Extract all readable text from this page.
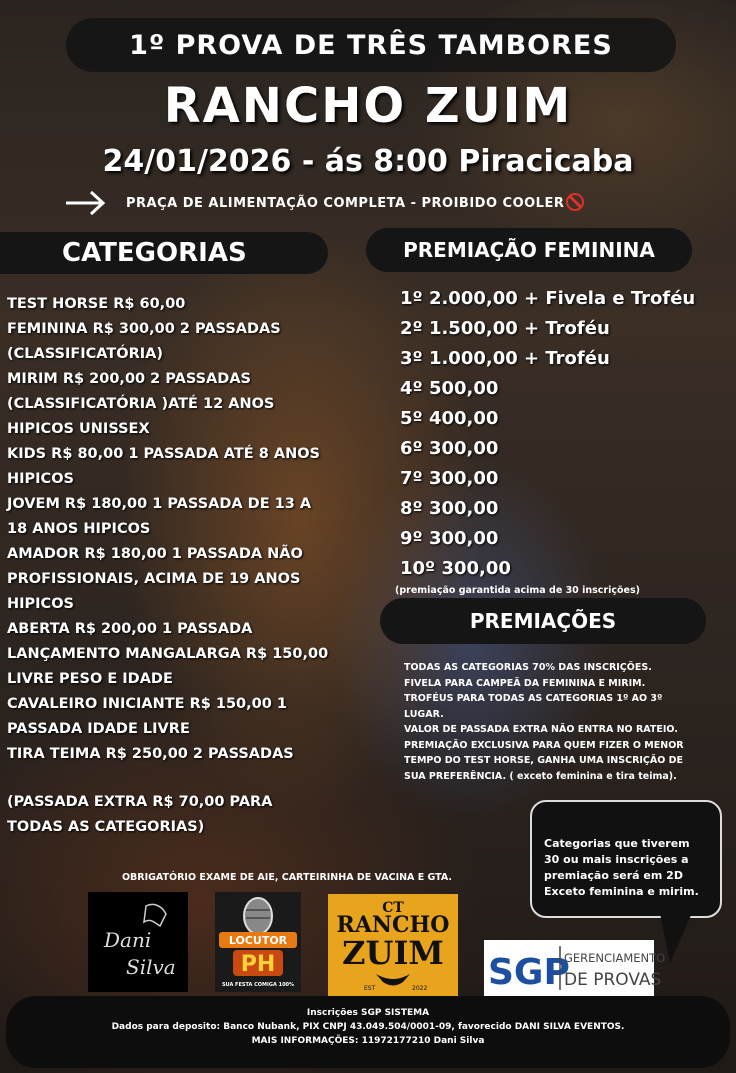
1º PROVA DE TRÊS TAMBORES
RANCHO ZUIM
24/01/2026 - ás 8:00 Piracicaba
PRAÇA DE ALIMENTAÇÃO COMPLETA - PROIBIDO COOLER
CATEGORIAS	PREMIAÇÃO FEMININA
TEST HORSE R$ 60,00
FEMININA R$ 300,00 2 PASSADAS
(CLASSIFICATÓRIA)
MIRIM R$ 200,00 2 PASSADAS
(CLASSIFICATÓRIA )ATÉ 12 ANOS
HIPICOS UNISSEX
KIDS R$ 80,00 1 PASSADA ATÉ 8 ANOS
HIPICOS
JOVEM R$ 180,00 1 PASSADA DE 13 A
18 ANOS HIPICOS
AMADOR R$ 180,00 1 PASSADA NÃO
PROFISSIONAIS, ACIMA DE 19 ANOS
HIPICOS
ABERTA R$ 200,00 1 PASSADA
LANÇAMENTO MANGALARGA R$ 150,00
LIVRE PESO E IDADE
CAVALEIRO INICIANTE R$ 150,00 1
PASSADA IDADE LIVRE
TIRA TEIMA R$ 250,00 2 PASSADAS
(PASSADA EXTRA R$ 70,00 PARA
TODAS AS CATEGORIAS)
1º 2.000,00 + Fivela e Troféu
2º 1.500,00 + Troféu
3º 1.000,00 + Troféu
4º 500,00
5º 400,00
6º 300,00
7º 300,00
8º 300,00
9º 300,00
10º 300,00
(premiação garantida acima de 30 inscrições)
PREMIAÇÕES
TODAS AS CATEGORIAS 70% DAS INSCRIÇÕES.
FIVELA PARA CAMPEÃ DA FEMININA E MIRIM.
TROFÉUS PARA TODAS AS CATEGORIAS 1º AO 3º
LUGAR.
VALOR DE PASSADA EXTRA NÃO ENTRA NO RATEIO.
PREMIAÇÃO EXCLUSIVA PARA QUEM FIZER O MENOR
TEMPO DO TEST HORSE, GANHA UMA INSCRIÇÃO DE
SUA PREFERÊNCIA. ( exceto feminina e tira teima).
Categorias que tiverem
30 ou mais inscrições a
premiação será em 2D
Exceto feminina e mirim.
OBRIGATÓRIO EXAME DE AIE, CARTEIRINHA DE VACINA E GTA.
Dani
Silva
LOCUTOR
PH
SUA FESTA COMIGA 100%
CT
RANCHO
ZUIM
EST	2022 SGP
GERENCIAMENTO
DE PROVAS
Inscrições SGP SISTEMA
Dados para deposito: Banco Nubank, PIX CNPJ 43.049.504/0001-09, favorecido DANI SILVA EVENTOS.
MAIS INFORMAÇÕES: 11972177210 Dani Silva
